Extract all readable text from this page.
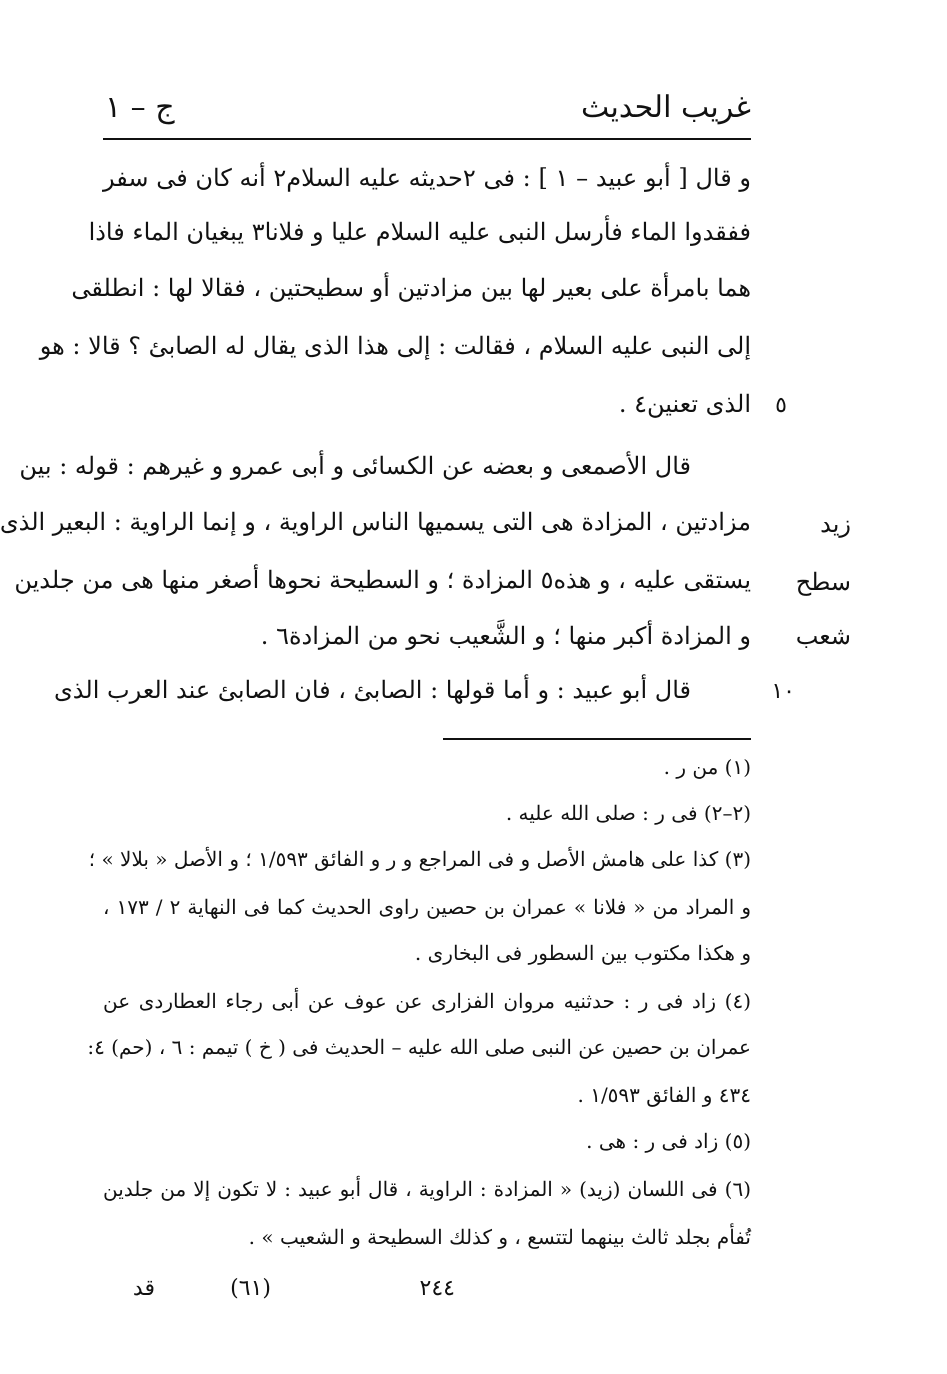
غريب الحديث
ج – ١
و قال [ أبو عبيد – ١ ] : فى ٢حديثه عليه السلام٢ أنه كان فى سفر
ففقدوا الماء فأرسل النبى عليه السلام عليا و فلانا٣ يبغيان الماء فاذا
هما بامرأة على بعير لها بين مزادتين أو سطيحتين ، فقالا لها : انطلقى
إلى النبى عليه السلام ، فقالت : إلى هذا الذى يقال له الصابئ ؟ قالا : هو
الذى تعنين٤ . ٥
قال الأصمعى و بعضه عن الكسائى و أبى عمرو و غيرهم : قوله : بين
مزادتين ، المزادة هى التى يسميها الناس الراوية ، و إنما الراوية : البعير الذى
يستقى عليه ، و هذه٥ المزادة ؛ و السطيحة نحوها أصغر منها هى من جلدين
و المزادة أكبر منها ؛ و الشَّعيب نحو من المزادة٦ .
قال أبو عبيد : و أما قولها : الصابئ ، فان الصابئ عند العرب الذى	١٠
زيد
سطح
شعب
(١) من ر .
(٢–٢) فى ر : صلى الله عليه .
(٣) كذا على هامش الأصل و فى المراجع و ر و الفائق ١/٥٩٣ ؛ و الأصل « بلالا » ؛
و المراد من « فلانا » عمران بن حصين راوى الحديث كما فى النهاية ٢ / ١٧٣ ،
و هكذا مكتوب بين السطور فى البخارى .
(٤) زاد فى ر : حدثنيه مروان الفزارى عن عوف عن أبى رجاء العطاردى عن
عمران بن حصين عن النبى صلى الله عليه – الحديث فى ( خ ) تيمم : ٦ ، (حم) ٤:
٤٣٤ و الفائق ١/٥٩٣ .
(٥) زاد فى ر : هى .
(٦) فى اللسان (زيد) « المزادة : الراوية ، قال أبو عبيد : لا تكون إلا من جلدين
تُفأم بجلد ثالث بينهما لتتسع ، و كذلك السطيحة و الشعيب » .
٢٤٤
(٦١)
قد
